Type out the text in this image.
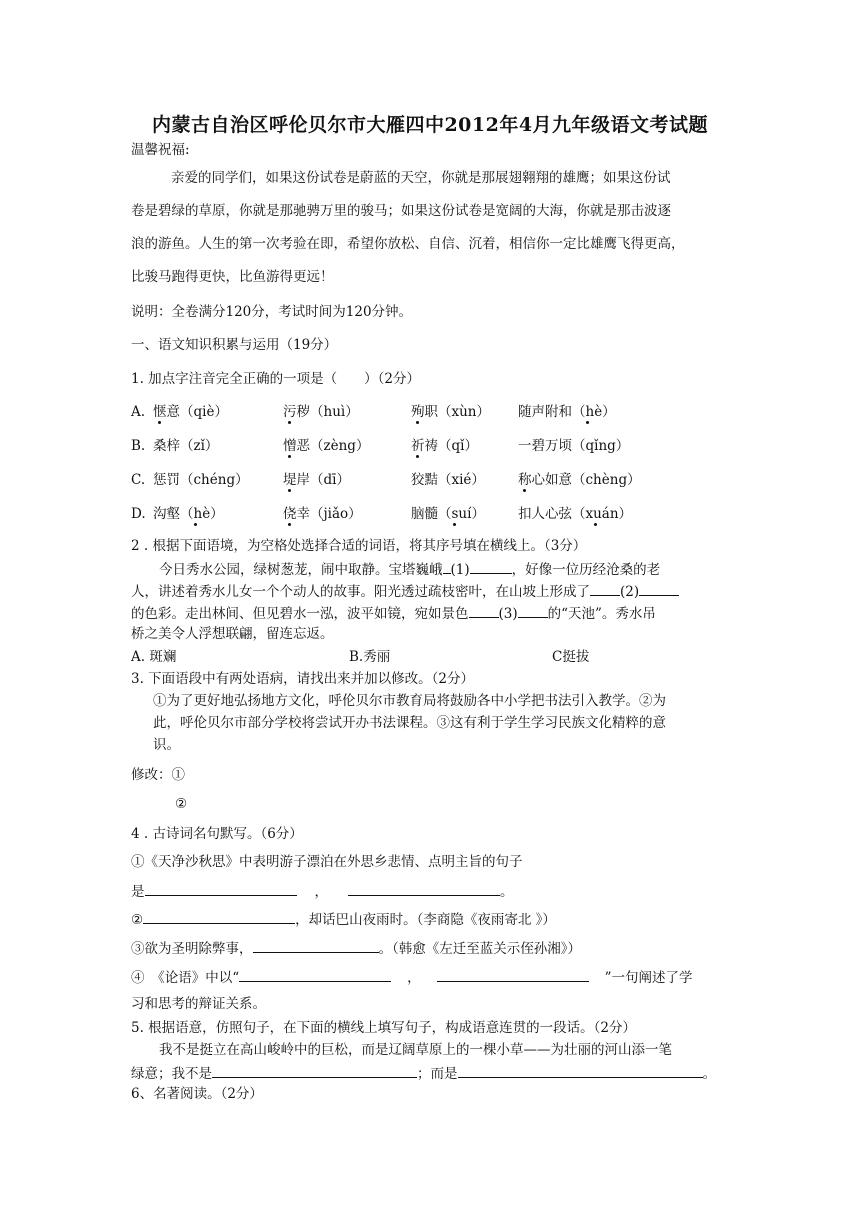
内蒙古自治区呼伦贝尔市大雁四中2012年4月九年级语文考试题
温馨祝福:
亲爱的同学们，如果这份试卷是蔚蓝的天空，你就是那展翅翱翔的雄鹰；如果这份试
卷是碧绿的草原，你就是那驰骋万里的骏马；如果这份试卷是宽阔的大海，你就是那击波逐
浪的游鱼。人生的第一次考验在即，希望你放松、自信、沉着，相信你一定比雄鹰飞得更高，
比骏马跑得更快，比鱼游得更远！
说明：全卷满分120分，考试时间为120分钟。
一、语文知识积累与运用（19分）
1. 加点字注音完全正确的一项是（　　）（2分）
A. 惬意（qiè）	污秽（huì）	殉职（xùn） 随声附和（hè）
B. 桑梓（zǐ）	憎恶（zèng）	祈祷（qǐ）	一碧万顷（qǐng）
C. 惩罚（chéng）	堤岸（dī）	狡黠（xié） 称心如意（chèng）
D. 沟壑（hè）	侥幸（jiǎo）	脑髓（suí） 扣人心弦（xuán）
2 . 根据下面语境，为空格处选择合适的词语，将其序号填在横线上。（3分）
今日秀水公园，绿树葱茏，闹中取静。宝塔巍峨 (1)	，好像一位历经沧桑的老
人，讲述着秀水儿女一个个动人的故事。阳光透过疏枝密叶，在山坡上形成了 (2)
的色彩。走出林间、但见碧水一泓，波平如镜，宛如景色 (3) 的“天池”。秀水吊
桥之美令人浮想联翩，留连忘返。
A. 斑斓	B.秀丽	C挺拔
3. 下面语段中有两处语病，请找出来并加以修改。（2分）
①为了更好地弘扬地方文化，呼伦贝尔市教育局将鼓励各中小学把书法引入教学。②为
此，呼伦贝尔市部分学校将尝试开办书法课程。③这有利于学生学习民族文化精粹的意
识。
修改：①
②
4 . 古诗词名句默写。（6分）
①《天净沙秋思》中表明游子漂泊在外思乡悲情、点明主旨的句子
是	，	。
②	，却话巴山夜雨时。（李商隐《夜雨寄北 》）
③欲为圣明除弊事，	。（韩愈《左迁至蓝关示侄孙湘》）
④　《论语》中以“	，	”一句阐述了学
习和思考的辩证关系。
5. 根据语意，仿照句子，在下面的横线上填写句子，构成语意连贯的一段话。（2分）
我不是挺立在高山峻岭中的巨松，而是辽阔草原上的一棵小草——为壮丽的河山添一笔
绿意；我不是	；而是	。
6、名著阅读。（2分）
